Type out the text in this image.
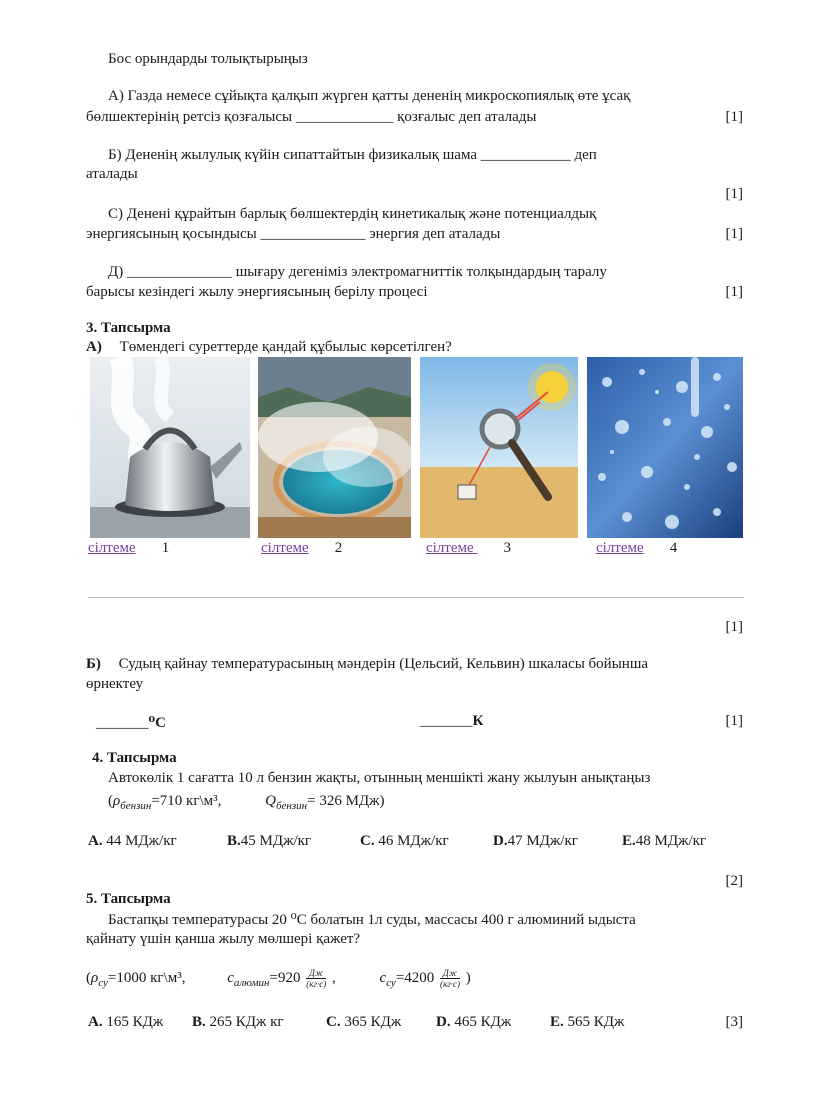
Бос орындарды толықтырыңыз
А) Газда немесе сұйықта қалқып жүрген қатты дененің микроскопиялық өте ұсақ
бөлшектерінің ретсіз қозғалысы _____________ қозғалыс деп аталады	[1]
Б) Дененің жылулық күйін сипаттайтын физикалық шама ____________ деп
аталады
[1]
С) Денені құрайтын барлық бөлшектердің кинетикалық және потенциалдық
энергиясының қосындысы ______________ энергия деп аталады	[1]
Д) ______________ шығару дегеніміз электромагниттік толқындардың таралу
барысы кезіндегі жылу энергиясының берілу процесі	[1]
3. Тапсырма
А) Төмендегі суреттерде қандай құбылыс көрсетілген?
сілтеме 1	сілтеме 2	сілтеме 3	сілтеме 4
[1]
Б) Судың қайнау температурасының мәндерін (Цельсий, Кельвин) шкаласы бойынша
өрнектеу
_______⁰С	_______К	[1]
4. Тапсырма
Автокөлік 1 сағатта 10 л бензин жақты, отынның меншікті жану жылуын анықтаңыз
($\rho_{бензин}=710$ кг\м³,	$Q_{бензин}= 326$ МДж)
A. 44 МДж/кг	B.45 МДж/кг	C. 46 МДж/кг	D.47 МДж/кг	E.48 МДж/кг
[2]
5. Тапсырма
Бастапқы температурасы 20 ⁰С болатын 1л суды, массасы 400 г алюминий ыдыста
қайнату үшін қанша жылу мөлшері қажет?
($\rho_{су}=1000$ кг\м³,	$c_{алюмин}=920 \frac{Дж}{(кг\cdot с)}$ ,	$c_{су}=4200 \frac{Дж}{(кг\cdot с)}$ )
A. 165 КДж B. 265 КДж кг	C. 365 КДж D. 465 КДж	E. 565 КДж	[3]
